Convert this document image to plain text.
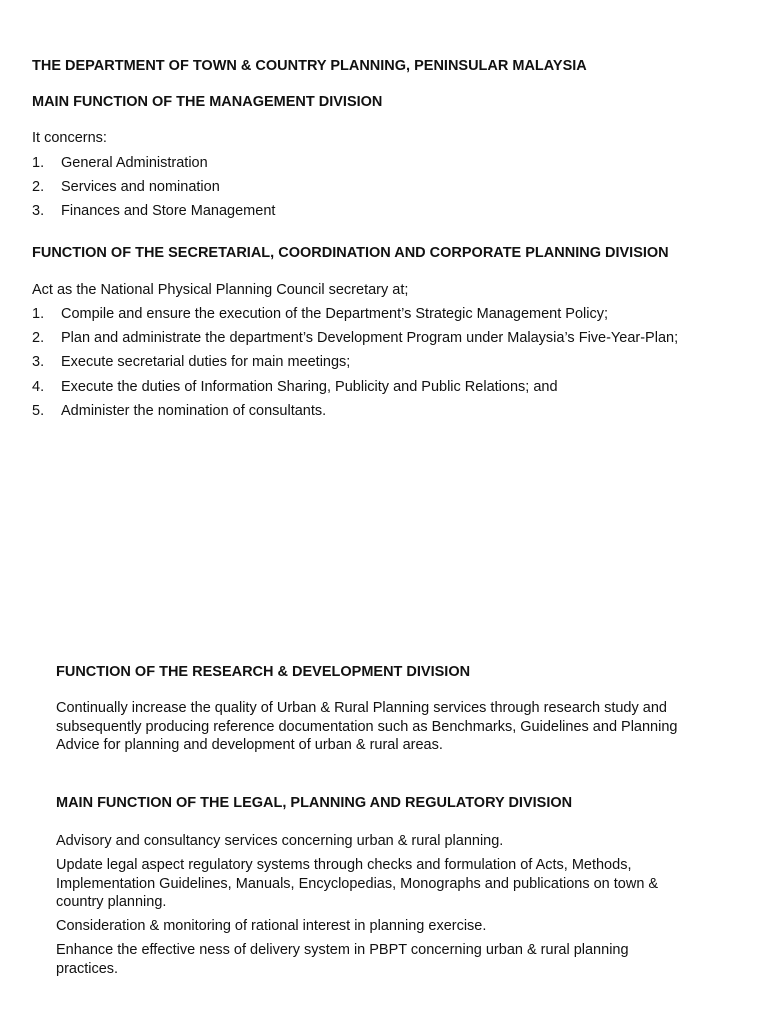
THE DEPARTMENT OF TOWN & COUNTRY PLANNING, PENINSULAR MALAYSIA
MAIN FUNCTION OF THE MANAGEMENT DIVISION
It concerns:
1. General Administration
2. Services and nomination
3. Finances and Store Management
FUNCTION OF THE SECRETARIAL, COORDINATION AND CORPORATE PLANNING DIVISION
Act as the National Physical Planning Council secretary at;
1. Compile and ensure the execution of the Department’s Strategic Management Policy;
2. Plan and administrate the department’s Development Program under Malaysia’s Five-Year-Plan;
3. Execute secretarial duties for main meetings;
4. Execute the duties of Information Sharing, Publicity and Public Relations; and
5. Administer the nomination of consultants.
FUNCTION OF THE RESEARCH & DEVELOPMENT DIVISION
Continually increase the quality of Urban & Rural Planning services through research study and subsequently producing reference documentation such as Benchmarks, Guidelines and Planning Advice for planning and development of urban & rural areas.
MAIN FUNCTION OF THE LEGAL, PLANNING AND REGULATORY DIVISION

Advisory and consultancy services concerning urban & rural planning.

Update legal aspect regulatory systems through checks and formulation of Acts, Methods, Implementation Guidelines, Manuals, Encyclopedias, Monographs and publications on town & country planning.

Consideration & monitoring of rational interest in planning exercise.

Enhance the effective ness of delivery system in PBPT concerning urban & rural planning practices.
